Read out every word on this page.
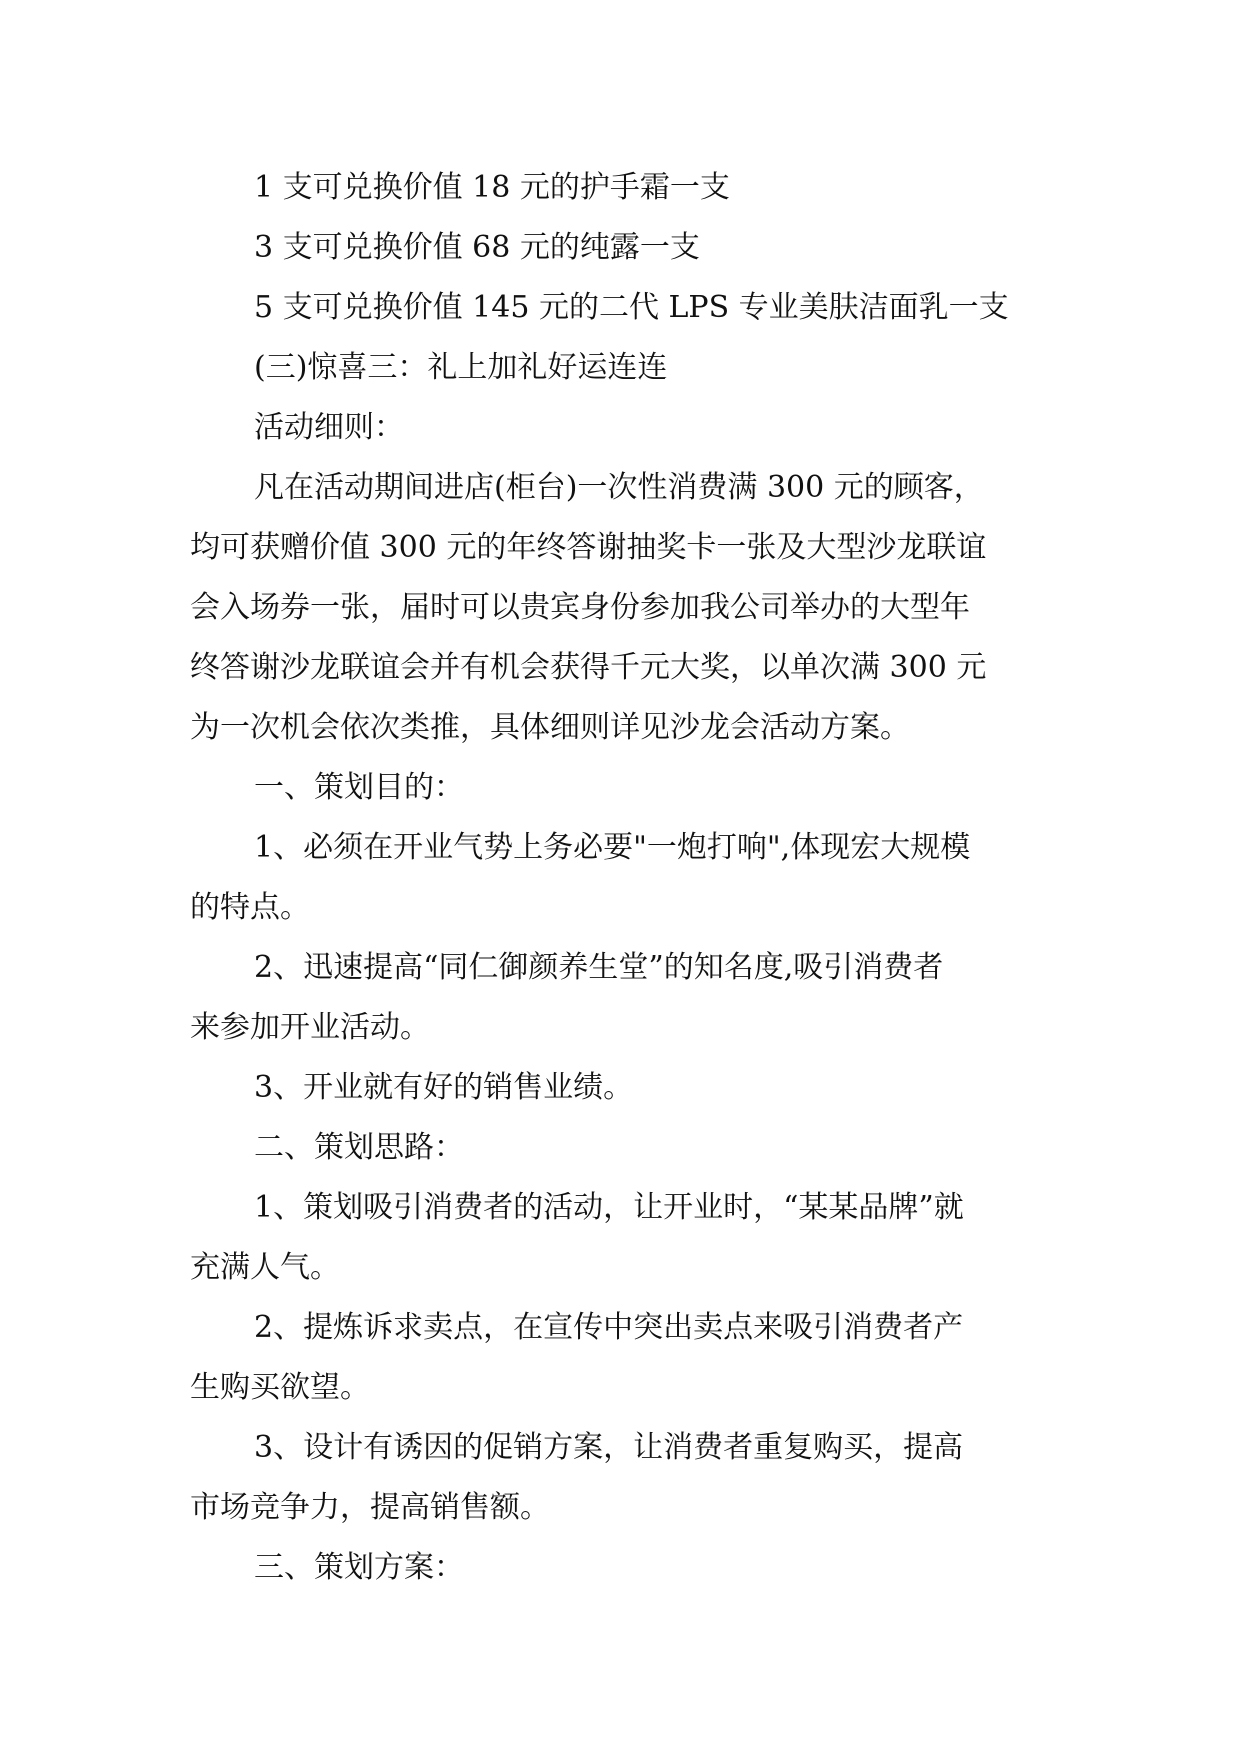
1 支可兑换价值 18 元的护手霜一支
3 支可兑换价值 68 元的纯露一支
5 支可兑换价值 145 元的二代 LPS 专业美肤洁面乳一支
(三)惊喜三：礼上加礼好运连连
活动细则：
凡在活动期间进店(柜台)一次性消费满 300 元的顾客，
均可获赠价值 300 元的年终答谢抽奖卡一张及大型沙龙联谊
会入场券一张，届时可以贵宾身份参加我公司举办的大型年
终答谢沙龙联谊会并有机会获得千元大奖，以单次满 300 元
为一次机会依次类推，具体细则详见沙龙会活动方案。
一、策划目的：
1、必须在开业气势上务必要"一炮打响",体现宏大规模
的特点。
2、迅速提高“同仁御颜养生堂”的知名度,吸引消费者
来参加开业活动。
3、开业就有好的销售业绩。
二、策划思路：
1、策划吸引消费者的活动，让开业时，“某某品牌”就
充满人气。
2、提炼诉求卖点，在宣传中突出卖点来吸引消费者产
生购买欲望。
3、设计有诱因的促销方案，让消费者重复购买，提高
市场竞争力，提高销售额。
三、策划方案：
